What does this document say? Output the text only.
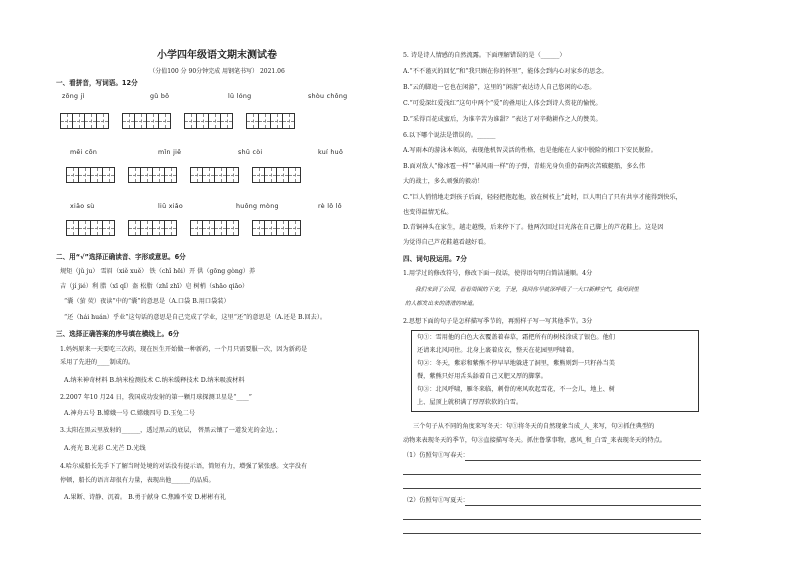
小学四年级语文期末测试卷
（分值100 分 90分钟完成 用钢笔书写） 2021.06
一、看拼音，写词语。12分
zōng jì	gǔ bō	lū lóng	shòu chǒng
mēi cōn	mǐn jiē	shū còi	kuí huō
xiāo sù	liū xiǎo	huǒng mòng	rè lǒ lǒ
二、用“√”选择正确读音、字形或意思。6分
规矩（jǔ ju） 雪眉（xiě xuě） 铁（chǐ hēi）开 供（gōng gòng）养
吉（jí jié）利 腊（xī qǐ）盔 松脂（zhǐ zhī）皂 树梢（shāo qiāo）
“囊（萤 荧）夜读”中的“囊”的意思是（A.口袋 B.用口袋装）
“还（hái huán）乎业”这句话的意思是自己完成了学业，这里“还”的意思是（A.还是 B.回去）。
三、选择正确答案的序号填在横线上。6分
1.妈妈原来一天要吃三次药，现在医生开始做一种新药，一个月只需要服一次，因为新药是
采用了先进的____制成的。
A.纳米神奇材料 B.纳米检测技术 C.纳米缓释技术 D.纳米吸波材料
2.2007 年10 月24 日，我国成功发射的第一颗月球探测卫星是“____”
A.神舟五号 B.嫦娥一号 C.嫦娥四号 D.玉兔二号
3.太阳在黑云里放射的______，透过黑云的底层， 替黑云镶了一道发光的金边。；
A.亮光 B.光彩 C.光芒 D.光线
4.哈尔威船长先手下了解当时处境的对话没有提示语，简短有力，增强了紧张感。文字没有
停顿，船长的语言却很有力量，表现出他______的品质。
A.果断、诗静、沉着。 B.勇于献身 C.焦躁不安 D.彬彬有礼
5. 诗是诗人情感的自然流露。下面理解错误的是（______）
A.“不不谨灭的回忆”和“我只顾在你的怀里”，能体会到内心对家乡的思念。
B.“云的脚追一它也在闲游”，这里的“闲游”表达诗人自己悠闲的心态。
C.“可爱深红爱浅红”这句中两个“爱”的叠用让人体会到诗人赏花的愉悦。
D.“采得百花成蜜后，为谁辛苦为谁甜？”表达了对辛勤耕作之人的赞美。
6.以下哪个说法是错误的。______
A.写雨本的游泳本领高，表现他机智灵活的性格，也是他能在人家中脱险的根口下安民脱险。
B.面对敌人“像冰雹一样”“暴风雨一样”的子弹，青蛙光身负重仍奋两次苦破艇船，多么伟
大的战士，多么顽强的毅动！
C.“巨人悄悄地走到孩子后面，轻轻把抱起他，放在树枝上”此时，巨人明白了只有共享才能得到快乐，
也变得温情无私。
D.青铜神头在家生，越走越慢，后来停下了。他两次回过目光落在自己脚上的芦花鞋上。这是因
为觉得自己芦花鞋越看越好看。
四、词句段运用。7分
1.用学过的修改符号，修改下面一段话，使得语句明白简洁通顺。4分
我们来到了公园，看看周围的下变，于是，我回你早就深呼吸了一大口新鲜空气，我闭到里
的人都发出来的清清的味道。
2.思想下面的句子是怎样描写季节的，再照样子写一写其他季节。3分
句①：雪用他的白色大衣覆盖着春草，霜把所有的树枝涂成了银色。他们
还请来北风同住。北身上裹着皮衣，整天在花园里呼啸着。
句②：冬天，紫彩和紫熊不停早早地躲进了洞里，紫熊则到一只籽孙当美
餐，紫熊只好用舌头舔着自己又肥又厚的脚掌。
句③：北风呼啸，雁冬来临，刺骨的寒风吹起雪花，不一会儿，地上、树
上、屋顶上就积满了厚厚软软的白雪。
三个句子从不同的角度来写冬天：句①将冬天的自然现象当成_人_来写，句②抓住典型的
动物来表现冬天的季节，句③直接描写冬天。抓住鲁掌事物，惠风_和_白雪_来表现冬天的特点。
（1）仿照句①写春天：
（2）仿照句①写夏天：
